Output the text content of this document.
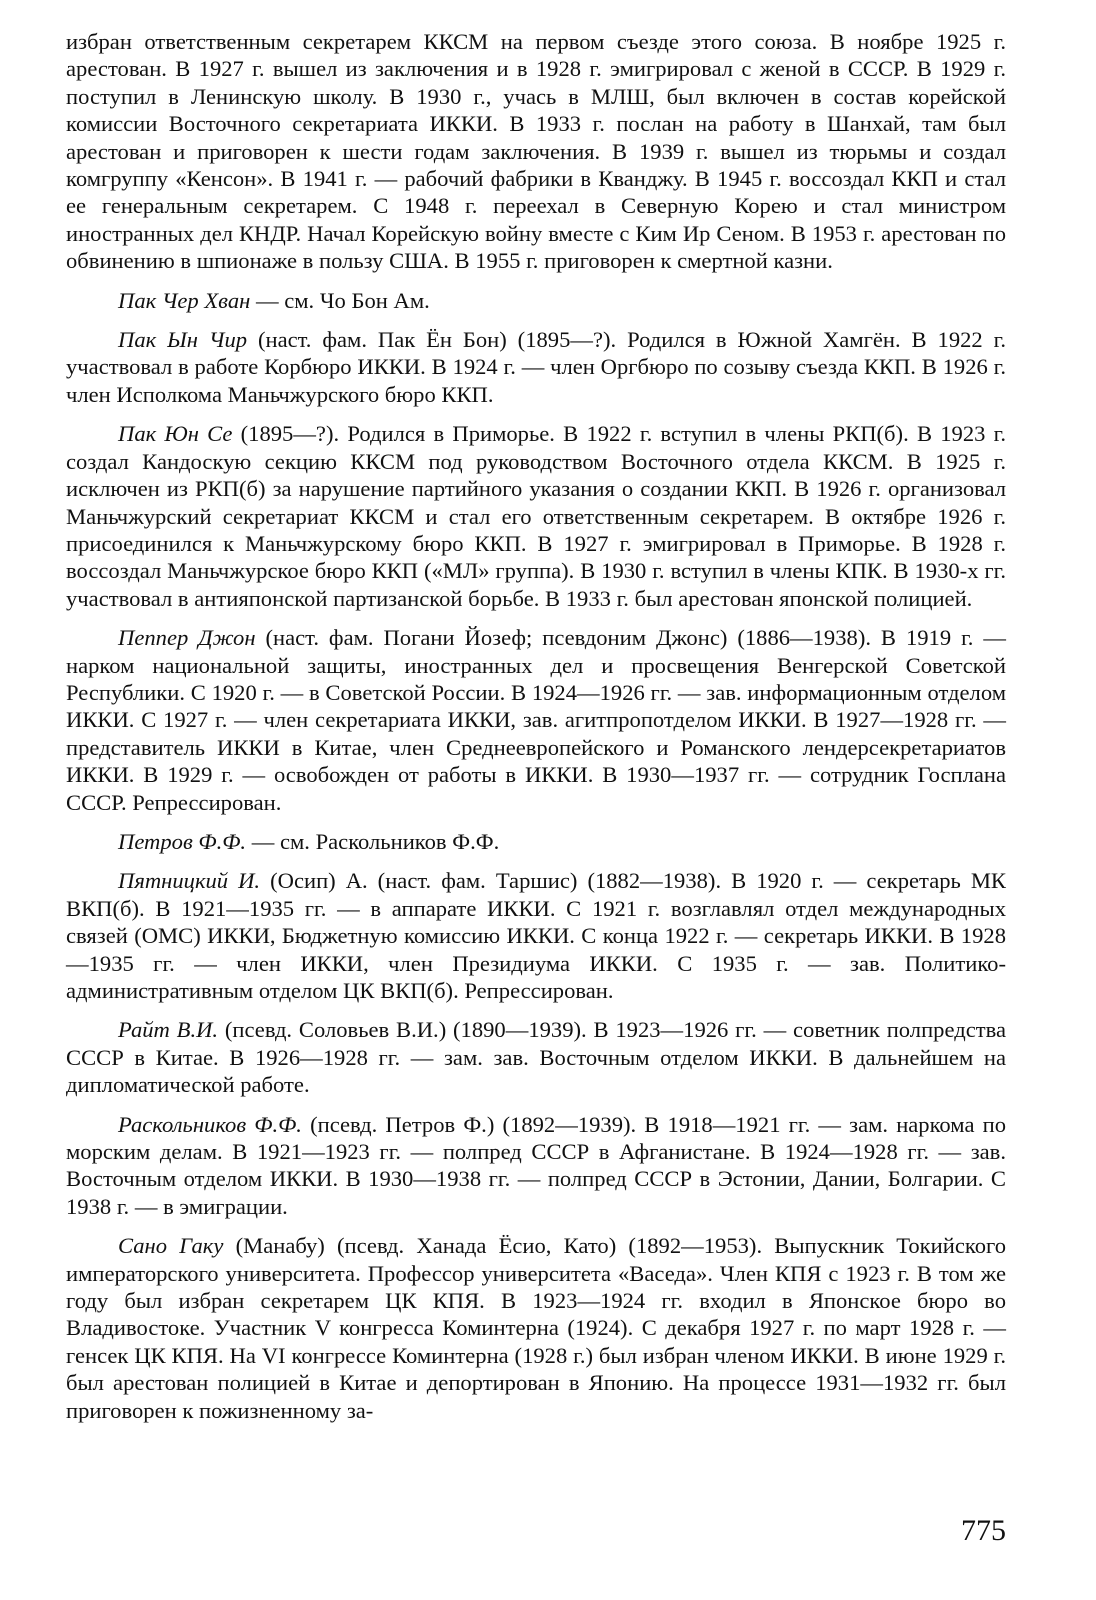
избран ответственным секретарем ККСМ на первом съезде этого союза. В ноябре 1925 г. арестован. В 1927 г. вышел из заключения и в 1928 г. эмигрировал с женой в СССР. В 1929 г. поступил в Ленинскую школу. В 1930 г., учась в МЛШ, был включен в состав корейской комиссии Восточного секретариата ИККИ. В 1933 г. послан на работу в Шанхай, там был арестован и приговорен к шести годам заключения. В 1939 г. вышел из тюрьмы и создал комгруппу «Кенсон». В 1941 г. — рабочий фабрики в Кванджу. В 1945 г. воссоздал ККП и стал ее генеральным секретарем. С 1948 г. переехал в Северную Корею и стал министром иностранных дел КНДР. Начал Корейскую войну вместе с Ким Ир Сеном. В 1953 г. арестован по обвинению в шпионаже в пользу США. В 1955 г. приговорен к смертной казни.

Пак Чер Хван — см. Чо Бон Ам.

Пак Ын Чир (наст. фам. Пак Ён Бон) (1895—?). Родился в Южной Хамгён. В 1922 г. участвовал в работе Корбюро ИККИ. В 1924 г. — член Оргбюро по созыву съезда ККП. В 1926 г. член Исполкома Маньчжурского бюро ККП.

Пак Юн Се (1895—?). Родился в Приморье. В 1922 г. вступил в члены РКП(б). В 1923 г. создал Кандоскую секцию ККСМ под руководством Восточного отдела ККСМ. В 1925 г. исключен из РКП(б) за нарушение партийного указания о создании ККП. В 1926 г. организовал Маньчжурский секретариат ККСМ и стал его ответственным секретарем. В октябре 1926 г. присоединился к Маньчжурскому бюро ККП. В 1927 г. эмигрировал в Приморье. В 1928 г. воссоздал Маньчжурское бюро ККП («МЛ» группа). В 1930 г. вступил в члены КПК. В 1930-х гг. участвовал в антияпонской партизанской борьбе. В 1933 г. был арестован японской полицией.

Пеппер Джон (наст. фам. Погани Йозеф; псевдоним Джонс) (1886—1938). В 1919 г. — нарком национальной защиты, иностранных дел и просвещения Венгерской Советской Республики. С 1920 г. — в Советской России. В 1924—1926 гг. — зав. информационным отделом ИККИ. С 1927 г. — член секретариата ИККИ, зав. агитпропотделом ИККИ. В 1927—1928 гг. — представитель ИККИ в Китае, член Среднеевропейского и Романского лендерсекретариатов ИККИ. В 1929 г. — освобожден от работы в ИККИ. В 1930—1937 гг. — сотрудник Госплана СССР. Репрессирован.

Петров Ф.Ф. — см. Раскольников Ф.Ф.

Пятницкий И. (Осип) А. (наст. фам. Таршис) (1882—1938). В 1920 г. — секретарь МК ВКП(б). В 1921—1935 гг. — в аппарате ИККИ. С 1921 г. возглавлял отдел международных связей (ОМС) ИККИ, Бюджетную комиссию ИККИ. С конца 1922 г. — секретарь ИККИ. В 1928—1935 гг. — член ИККИ, член Президиума ИККИ. С 1935 г. — зав. Политико-административным отделом ЦК ВКП(б). Репрессирован.

Райт В.И. (псевд. Соловьев В.И.) (1890—1939). В 1923—1926 гг. — советник полпредства СССР в Китае. В 1926—1928 гг. — зам. зав. Восточным отделом ИККИ. В дальнейшем на дипломатической работе.

Раскольников Ф.Ф. (псевд. Петров Ф.) (1892—1939). В 1918—1921 гг. — зам. наркома по морским делам. В 1921—1923 гг. — полпред СССР в Афганистане. В 1924—1928 гг. — зав. Восточным отделом ИККИ. В 1930—1938 гг. — полпред СССР в Эстонии, Дании, Болгарии. С 1938 г. — в эмиграции.

Сано Гаку (Манабу) (псевд. Ханада Ёсио, Като) (1892—1953). Выпускник Токийского императорского университета. Профессор университета «Васеда». Член КПЯ с 1923 г. В том же году был избран секретарем ЦК КПЯ. В 1923—1924 гг. входил в Японское бюро во Владивостоке. Участник V конгресса Коминтерна (1924). С декабря 1927 г. по март 1928 г. — генсек ЦК КПЯ. На VI конгрессе Коминтерна (1928 г.) был избран членом ИККИ. В июне 1929 г. был арестован полицией в Китае и депортирован в Японию. На процессе 1931—1932 гг. был приговорен к пожизненному за-

775
